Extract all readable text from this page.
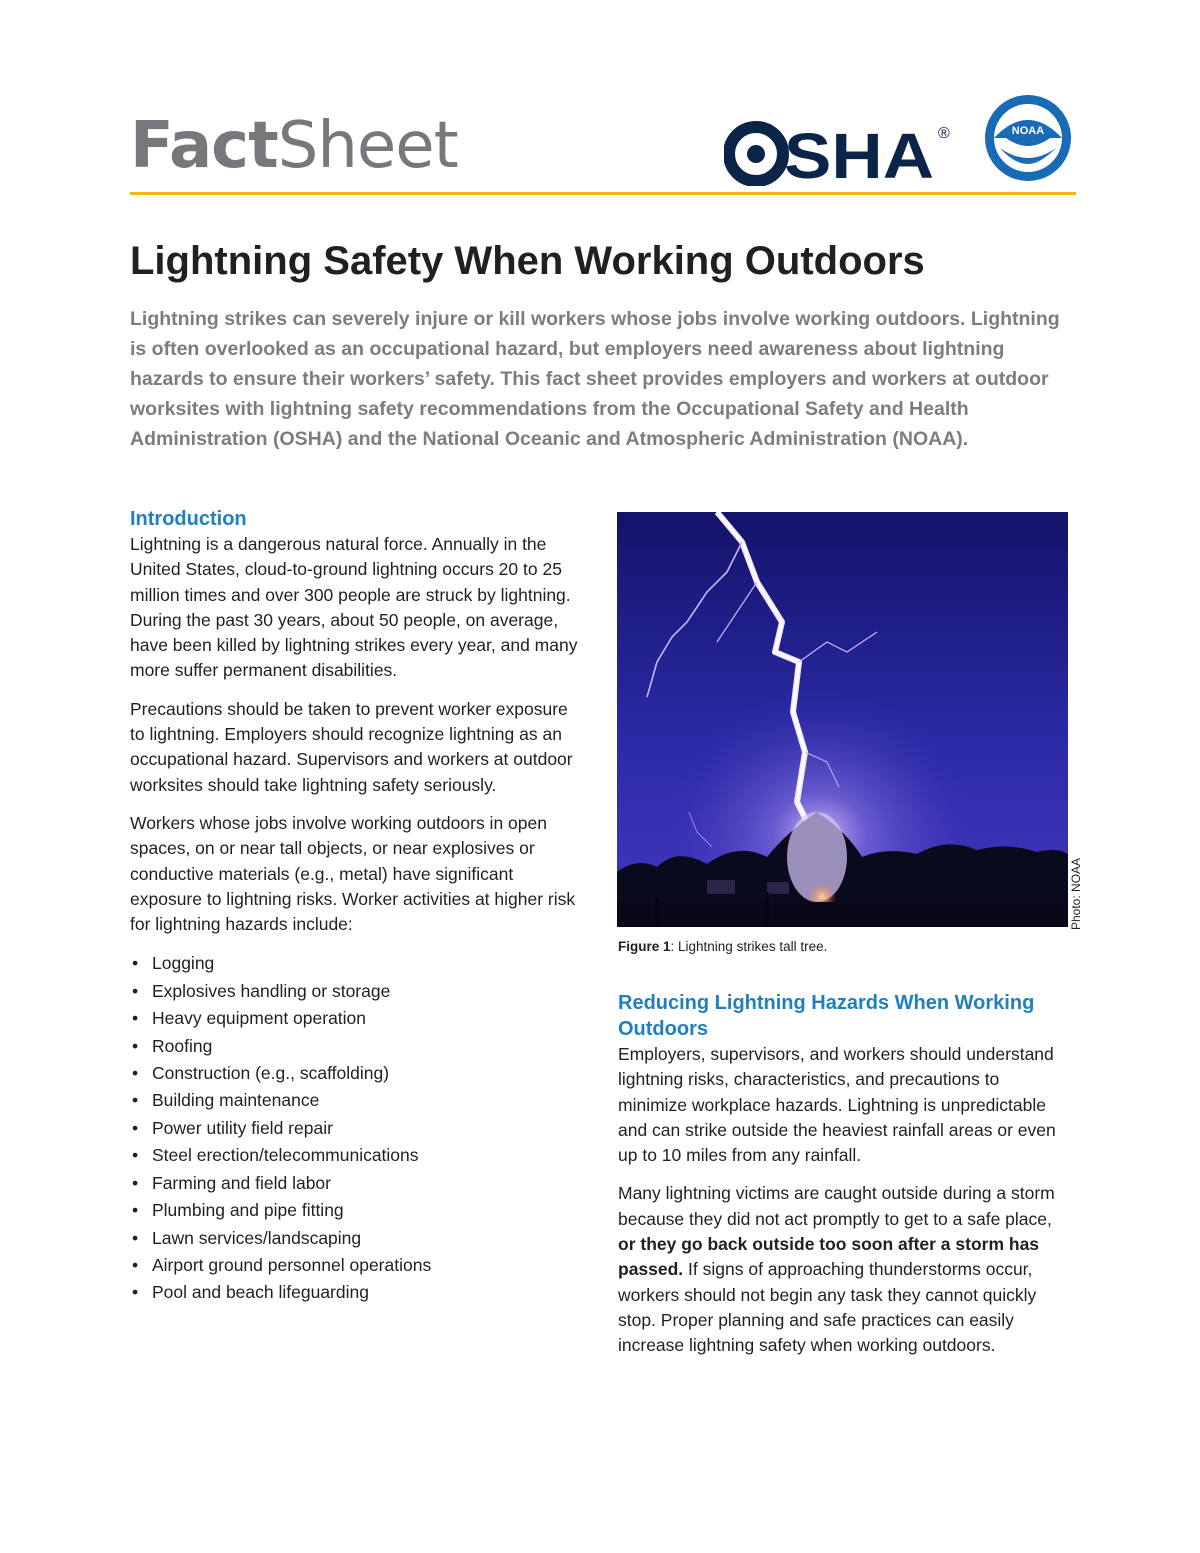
FactSheet	SHA ®	NOAA
Lightning Safety When Working Outdoors

Lightning strikes can severely injure or kill workers whose jobs involve working outdoors. Lightning is often overlooked as an occupational hazard, but employers need awareness about lightning hazards to ensure their workers’ safety. This fact sheet provides employers and workers at outdoor worksites with lightning safety recommendations from the Occupational Safety and Health Administration (OSHA) and the National Oceanic and Atmospheric Administration (NOAA).

Introduction

Lightning is a dangerous natural force. Annually in the United States, cloud-to-ground lightning occurs 20 to 25 million times and over 300 people are struck by lightning. During the past 30 years, about 50 people, on average, have been killed by lightning strikes every year, and many more suffer permanent disabilities.

Precautions should be taken to prevent worker exposure to lightning. Employers should recognize lightning as an occupational hazard. Supervisors and workers at outdoor worksites should take lightning safety seriously.

Workers whose jobs involve working outdoors in open spaces, on or near tall objects, or near explosives or conductive materials (e.g., metal) have significant exposure to lightning risks. Worker activities at higher risk for lightning hazards include:

• Logging
• Explosives handling or storage
• Heavy equipment operation
• Roofing
• Construction (e.g., scaffolding)
• Building maintenance
• Power utility field repair
• Steel erection/telecommunications
• Farming and field labor
• Plumbing and pipe fitting
• Lawn services/landscaping
• Airport ground personnel operations
• Pool and beach lifeguarding
Photo: NOAA
Figure 1: Lightning strikes tall tree.
Reducing Lightning Hazards When Working Outdoors

Employers, supervisors, and workers should understand lightning risks, characteristics, and precautions to minimize workplace hazards. Lightning is unpredictable and can strike outside the heaviest rainfall areas or even up to 10 miles from any rainfall.

Many lightning victims are caught outside during a storm because they did not act promptly to get to a safe place, or they go back outside too soon after a storm has passed. If signs of approaching thunderstorms occur, workers should not begin any task they cannot quickly stop. Proper planning and safe practices can easily increase lightning safety when working outdoors.
